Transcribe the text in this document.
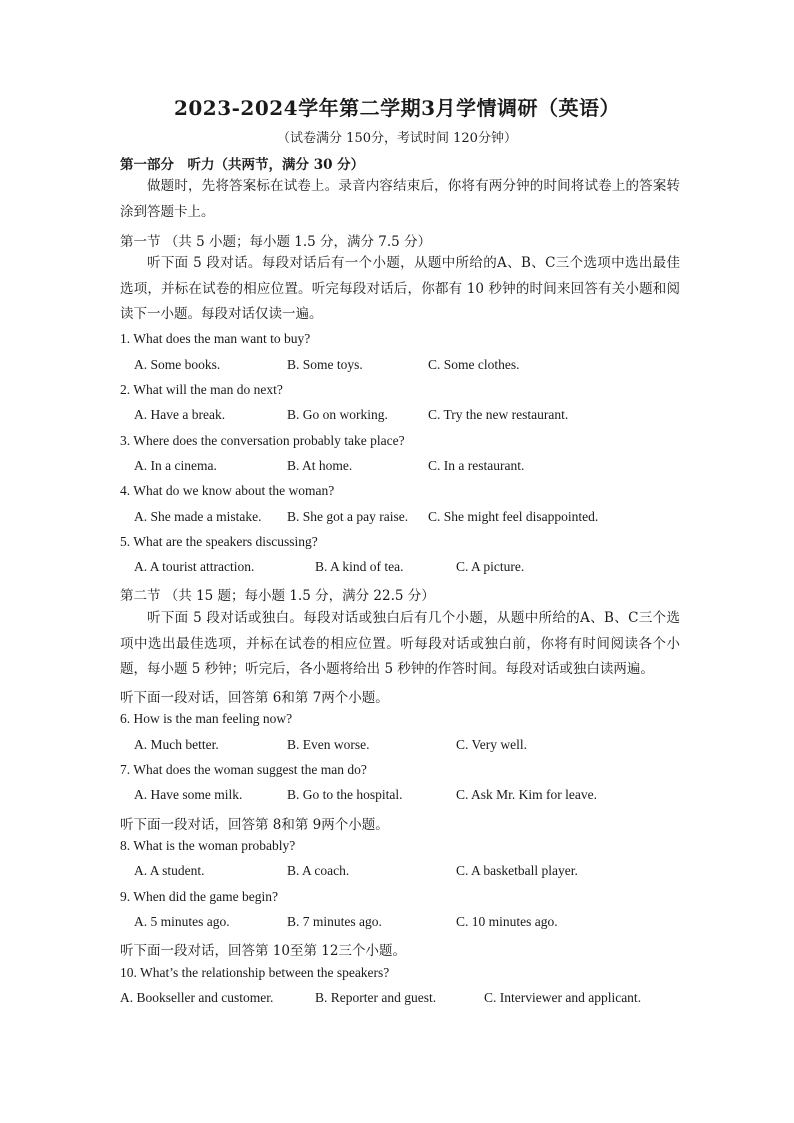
2023-2024学年第二学期3月学情调研（英语）
（试卷满分 150分，考试时间 120分钟）
第一部分　听力（共两节，满分 30 分）
做题时，先将答案标在试卷上。录音内容结束后，你将有两分钟的时间将试卷上的答案转涂到答题卡上。
第一节 （共 5 小题；每小题 1.5 分，满分 7.5 分）
听下面 5 段对话。每段对话后有一个小题，从题中所给的A、B、C三个选项中选出最佳选项，并标在试卷的相应位置。听完每段对话后，你都有 10 秒钟的时间来回答有关小题和阅读下一小题。每段对话仅读一遍。
1. What does the man want to buy?
A. Some books.	B. Some toys.	C. Some clothes.
2. What will the man do next?
A. Have a break.	B. Go on working.	C. Try the new restaurant.
3. Where does the conversation probably take place?
A. In a cinema.	B. At home.	C. In a restaurant.
4. What do we know about the woman?
A. She made a mistake. B. She got a pay raise. C. She might feel disappointed.
5. What are the speakers discussing?
A. A tourist attraction.	B. A kind of tea.	C. A picture.
第二节 （共 15 题；每小题 1.5 分，满分 22.5 分）
听下面 5 段对话或独白。每段对话或独白后有几个小题，从题中所给的A、B、C三个选项中选出最佳选项，并标在试卷的相应位置。听每段对话或独白前，你将有时间阅读各个小题，每小题 5 秒钟；听完后，各小题将给出 5 秒钟的作答时间。每段对话或独白读两遍。
听下面一段对话，回答第 6和第 7两个小题。
6. How is the man feeling now?
A. Much better.	B. Even worse.	C. Very well.
7. What does the woman suggest the man do?
A. Have some milk.	B. Go to the hospital.	C. Ask Mr. Kim for leave.
听下面一段对话，回答第 8和第 9两个小题。
8. What is the woman probably?
A. A student.	B. A coach.	C. A basketball player.
9. When did the game begin?
A. 5 minutes ago.	B. 7 minutes ago.	C. 10 minutes ago.
听下面一段对话，回答第 10至第 12三个小题。
10. What’s the relationship between the speakers?
A. Bookseller and customer.	B. Reporter and guest.	C. Interviewer and applicant.
